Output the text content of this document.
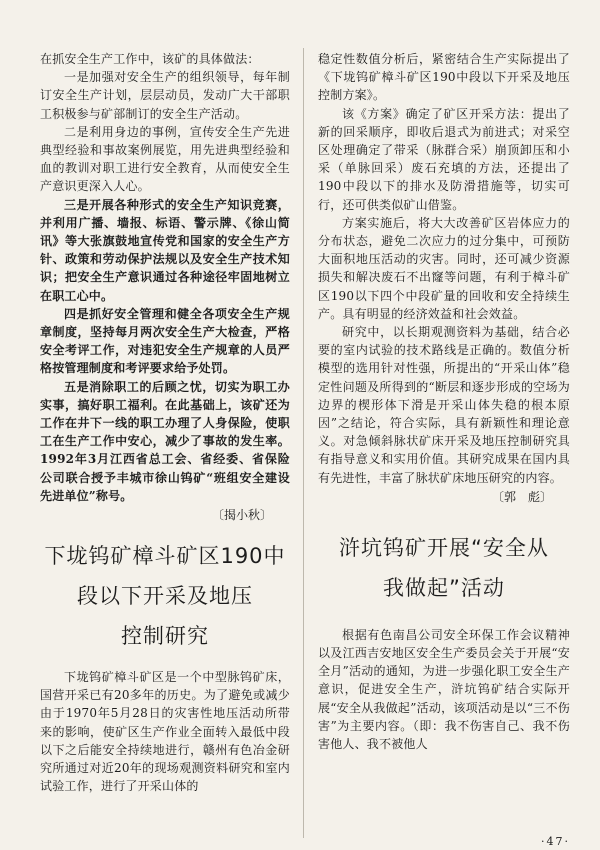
在抓安全生产工作中，该矿的具体做法：

一是加强对安全生产的组织领导，每年制订安全生产计划，层层动员，发动广大干部职工积极参与矿部制订的安全生产活动。

二是利用身边的事例，宣传安全生产先进典型经验和事故案例展览，用先进典型经验和血的教训对职工进行安全教育，从而使安全生产意识更深入人心。

三是开展各种形式的安全生产知识竞赛，并利用广播、墙报、标语、警示牌、《徐山简讯》等大张旗鼓地宣传党和国家的安全生产方针、政策和劳动保护法规以及安全生产技术知识；把安全生产意识通过各种途径牢固地树立在职工心中。

四是抓好安全管理和健全各项安全生产规章制度，坚持每月两次安全生产大检查，严格安全考评工作，对违犯安全生产规章的人员严格按管理制度和考评要求给予处罚。

五是消除职工的后顾之忧，切实为职工办实事，搞好职工福利。在此基础上，该矿还为工作在井下一线的职工办理了人身保险，使职工在生产工作中安心，减少了事故的发生率。1992年3月江西省总工会、省经委、省保险公司联合授予丰城市徐山钨矿“班组安全建设先进单位”称号。

〔揭小秋〕
下垅钨矿樟斗矿区190中
段以下开采及地压
控制研究

下垅钨矿樟斗矿区是一个中型脉钨矿床，国营开采已有20多年的历史。为了避免或减少由于1970年5月28日的灾害性地压活动所带来的影响，使矿区生产作业全面转入最低中段以下之后能安全持续地进行，赣州有色冶金研究所通过对近20年的现场观测资料研究和室内试验工作，进行了开采山体的

稳定性数值分析后，紧密结合生产实际提出了《下垅钨矿樟斗矿区190中段以下开采及地压控制方案》。

该《方案》确定了矿区开采方法：提出了新的回采顺序，即收后退式为前进式；对采空区处理确定了带采（脉群合采）崩顶卸压和小采（单脉回采）废石充填的方法，还提出了190中段以下的排水及防滑措施等，切实可行，还可供类似矿山借鉴。

方案实施后，将大大改善矿区岩体应力的分布状态，避免二次应力的过分集中，可预防大面积地压活动的灾害。同时，还可减少资源损失和解决废石不出窿等问题，有利于樟斗矿区190以下四个中段矿量的回收和安全持续生产。具有明显的经济效益和社会效益。

研究中，以长期观测资料为基础，结合必要的室内试验的技术路线是正确的。数值分析模型的选用针对性强，所提出的“开采山体”稳定性问题及所得到的“断层和逐步形成的空场为边界的楔形体下滑是开采山体失稳的根本原因”之结论，符合实际，具有新颖性和理论意义。对急倾斜脉状矿床开采及地压控制研究具有指导意义和实用价值。其研究成果在国内具有先进性，丰富了脉状矿床地压研究的内容。

〔郭　彪〕
浒坑钨矿开展“安全从
我做起”活动

根据有色南昌公司安全环保工作会议精神以及江西吉安地区安全生产委员会关于开展“安全月”活动的通知，为进一步强化职工安全生产意识，促进安全生产，浒坑钨矿结合实际开展“安全从我做起”活动，该项活动是以“三不伤害”为主要内容。（即：我不伤害自己、我不伤害他人、我不被他人

·47·
